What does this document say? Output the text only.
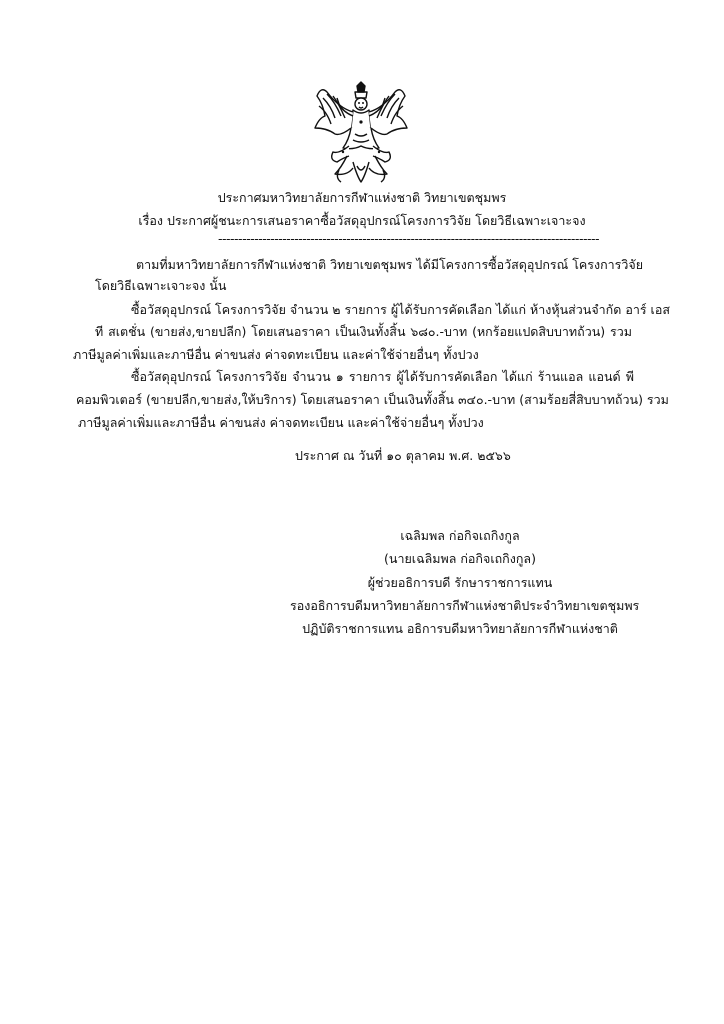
ประกาศมหาวิทยาลัยการกีฬาแห่งชาติ วิทยาเขตชุมพร
เรื่อง ประกาศผู้ชนะการเสนอราคาซื้อวัสดุอุปกรณ์โครงการวิจัย โดยวิธีเฉพาะเจาะจง
-----------------------------------------------------------------------------------------------
ตามที่มหาวิทยาลัยการกีฬาแห่งชาติ วิทยาเขตชุมพร ได้มีโครงการซื้อวัสดุอุปกรณ์ โครงการวิจัย
โดยวิธีเฉพาะเจาะจง นั้น
ซื้อวัสดุอุปกรณ์ โครงการวิจัย จำนวน ๒ รายการ ผู้ได้รับการคัดเลือก ได้แก่ ห้างหุ้นส่วนจำกัด อาร์ เอส
ที สเตชั่น (ขายส่ง,ขายปลีก) โดยเสนอราคา เป็นเงินทั้งสิ้น ๖๘๐.-บาท (หกร้อยแปดสิบบาทถ้วน) รวม
ภาษีมูลค่าเพิ่มและภาษีอื่น ค่าขนส่ง ค่าจดทะเบียน และค่าใช้จ่ายอื่นๆ ทั้งปวง
ซื้อวัสดุอุปกรณ์ โครงการวิจัย จำนวน ๑ รายการ ผู้ได้รับการคัดเลือก ได้แก่ ร้านแอล แอนด์ พี
คอมพิวเตอร์ (ขายปลีก,ขายส่ง,ให้บริการ) โดยเสนอราคา เป็นเงินทั้งสิ้น ๓๔๐.-บาท (สามร้อยสี่สิบบาทถ้วน) รวม
ภาษีมูลค่าเพิ่มและภาษีอื่น ค่าขนส่ง ค่าจดทะเบียน และค่าใช้จ่ายอื่นๆ ทั้งปวง
ประกาศ ณ วันที่ ๑๐ ตุลาคม พ.ศ. ๒๕๖๖
เฉลิมพล ก่อกิจเถกิงกูล
(นายเฉลิมพล ก่อกิจเถกิงกูล)
ผู้ช่วยอธิการบดี รักษาราชการแทน
รองอธิการบดีมหาวิทยาลัยการกีฬาแห่งชาติประจำวิทยาเขตชุมพร
ปฏิบัติราชการแทน อธิการบดีมหาวิทยาลัยการกีฬาแห่งชาติ
